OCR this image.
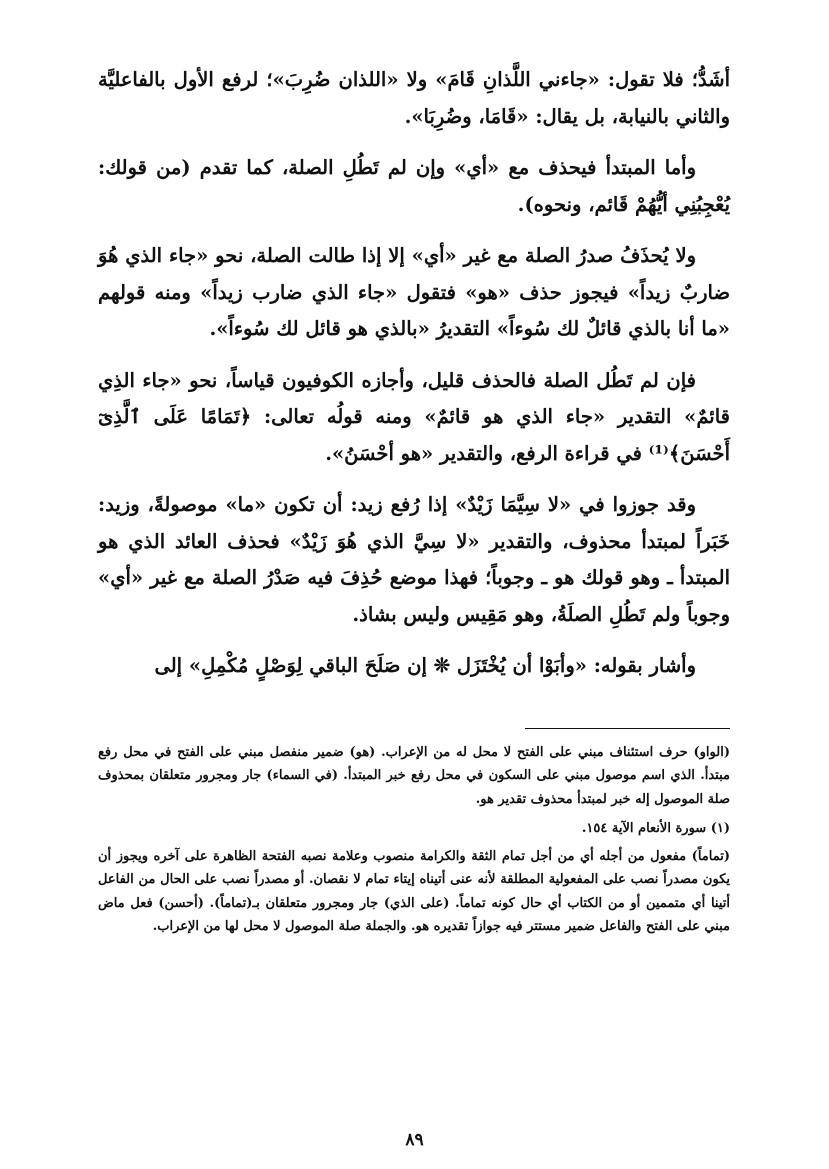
أشَدُّ؛ فلا تقول: «جاءني اللَّذانِ قَامَ» ولا «اللذان ضُرِبَ»؛ لرفع الأول بالفاعليَّة والثاني بالنيابة، بل يقال: «قَامَا، وضُرِبَا».

وأما المبتدأ فيحذف مع «أي» وإن لم تَطُلِ الصلة، كما تقدم (من قولك: يُعْجِبُنِي أيُّهُمْ قَائم، ونحوه).

ولا يُحذَفُ صدرُ الصلة مع غير «أي» إلا إذا طالت الصلة، نحو «جاء الذي هُوَ ضاربٌ زيداً» فيجوز حذف «هو» فتقول «جاء الذي ضارب زيداً» ومنه قولهم «ما أنا بالذي قائلٌ لك سُوءاً» التقديرُ «بالذي هو قائل لك سُوءاً».

فإن لم تَطُل الصلة فالحذف قليل، وأجازه الكوفيون قياساً، نحو «جاء الذِي قائمٌ» التقدير «جاء الذي هو قائمٌ» ومنه قولُه تعالى: ﴿تَمَامًا عَلَى ٱلَّذِىٓ أَحْسَنَ﴾⁽¹⁾ في قراءة الرفع، والتقدير «هو أحْسَنُ».

وقد جوزوا في «لا سِيَّمَا زَيْدٌ» إذا رُفع زيد: أن تكون «ما» موصولةً، وزيد: خَبَراً لمبتدأ محذوف، والتقدير «لا سِيَّ الذي هُوَ زَيْدٌ» فحذف العائد الذي هو المبتدأ ـ وهو قولك هو ـ وجوباً؛ فهذا موضع حُذِفَ فيه صَدْرُ الصلة مع غير «أي» وجوباً ولم تَطُلِ الصلَةُ، وهو مَقِيس وليس بشاذ.

وأشار بقوله: «وأبَوْا أن يُخْتَزَل ❊ إن صَلَحَ الباقي لِوَصْلٍ مُكْمِلِ» إلى

(الواو) حرف استئناف مبني على الفتح لا محل له من الإعراب. (هو) ضمير منفصل مبني على الفتح في محل رفع مبتدأ. الذي اسم موصول مبني على السكون في محل رفع خبر المبتدأ. (في السماء) جار ومجرور متعلقان بمحذوف صلة الموصول إله خبر لمبتدأ محذوف تقدير هو.

(١) سورة الأنعام الآية ١٥٤.

(تماماً) مفعول من أجله أي من أجل تمام الثقة والكرامة منصوب وعلامة نصبه الفتحة الظاهرة على آخره ويجوز أن يكون مصدراً نصب على المفعولية المطلقة لأنه عنى أتيناه إيتاء تمام لا نقصان. أو مصدراً نصب على الحال من الفاعل أتينا أي متممين أو من الكتاب أي حال كونه تماماً. (على الذي) جار ومجرور متعلقان بـ(تماماً). (أحسن) فعل ماض مبني على الفتح والفاعل ضمير مستتر فيه جوازاً تقديره هو. والجملة صلة الموصول لا محل لها من الإعراب.

٨٩
